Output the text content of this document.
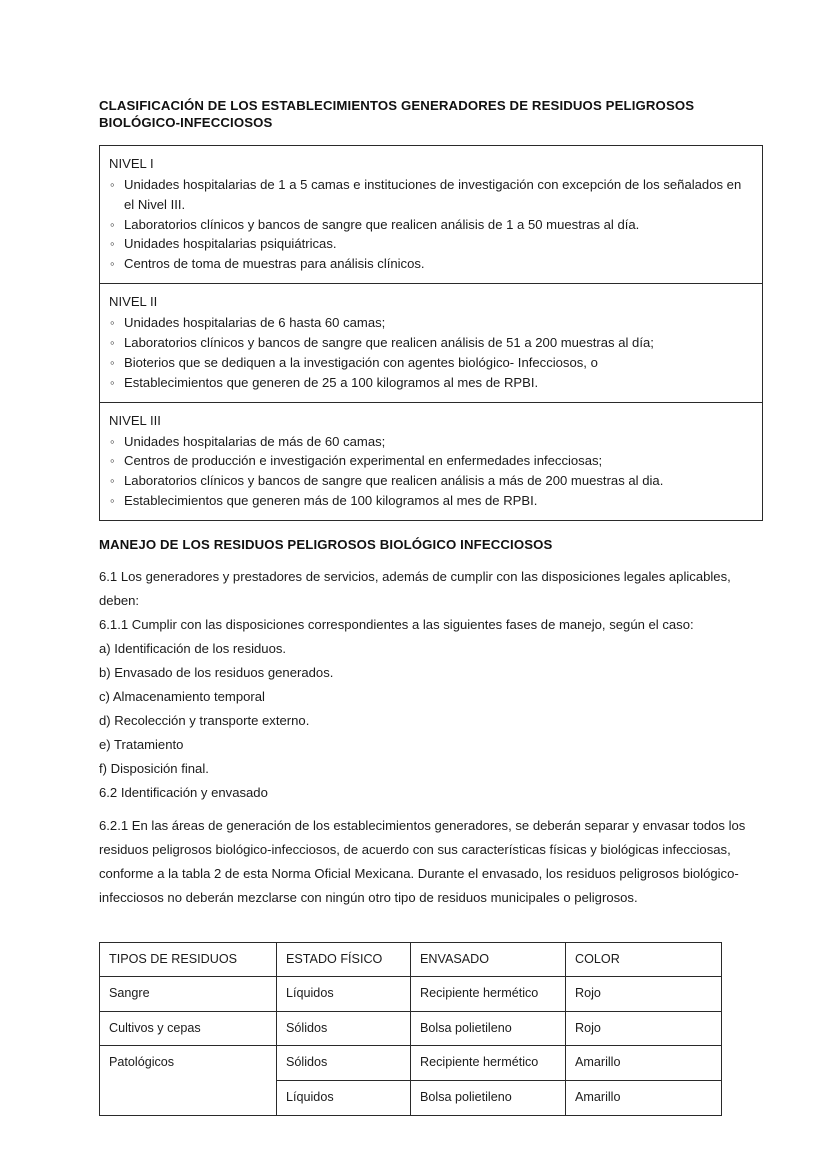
CLASIFICACIÓN DE LOS ESTABLECIMIENTOS GENERADORES DE RESIDUOS PELIGROSOS BIOLÓGICO-INFECCIOSOS
NIVEL I
◦ Unidades hospitalarias de 1 a 5 camas e instituciones de investigación con excepción de los señalados en el Nivel III.
◦ Laboratorios clínicos y bancos de sangre que realicen análisis de 1 a 50 muestras al día.
◦ Unidades hospitalarias psiquiátricas.
◦ Centros de toma de muestras para análisis clínicos.

NIVEL II
◦ Unidades hospitalarias de 6 hasta 60 camas;
◦ Laboratorios clínicos y bancos de sangre que realicen análisis de 51 a 200 muestras al día;
◦ Bioterios que se dediquen a la investigación con agentes biológico- Infecciosos, o
◦ Establecimientos que generen de 25 a 100 kilogramos al mes de RPBI.

NIVEL III
◦ Unidades hospitalarias de más de 60 camas;
◦ Centros de producción e investigación experimental en enfermedades infecciosas;
◦ Laboratorios clínicos y bancos de sangre que realicen análisis a más de 200 muestras al dia.
◦ Establecimientos que generen más de 100 kilogramos al mes de RPBI.
MANEJO DE LOS RESIDUOS PELIGROSOS BIOLÓGICO INFECCIOSOS

6.1 Los generadores y prestadores de servicios, además de cumplir con las disposiciones legales aplicables, deben:

6.1.1 Cumplir con las disposiciones correspondientes a las siguientes fases de manejo, según el caso:

a) Identificación de los residuos.

b) Envasado de los residuos generados.

c) Almacenamiento temporal

d) Recolección y transporte externo.

e) Tratamiento

f) Disposición final.

6.2 Identificación y envasado

6.2.1 En las áreas de generación de los establecimientos generadores, se deberán separar y envasar todos los residuos peligrosos biológico-infecciosos, de acuerdo con sus características físicas y biológicas infecciosas, conforme a la tabla 2 de esta Norma Oficial Mexicana. Durante el envasado, los residuos peligrosos biológico-infecciosos no deberán mezclarse con ningún otro tipo de residuos municipales o peligrosos.

TIPOS DE RESIDUOS	ESTADO FÍSICO	ENVASADO	COLOR
Sangre	Líquidos	Recipiente hermético	Rojo
Cultivos y cepas	Sólidos	Bolsa polietileno	Rojo
Patológicos	Sólidos	Recipiente hermético	Amarillo
	Líquidos	Bolsa polietileno	Amarillo
